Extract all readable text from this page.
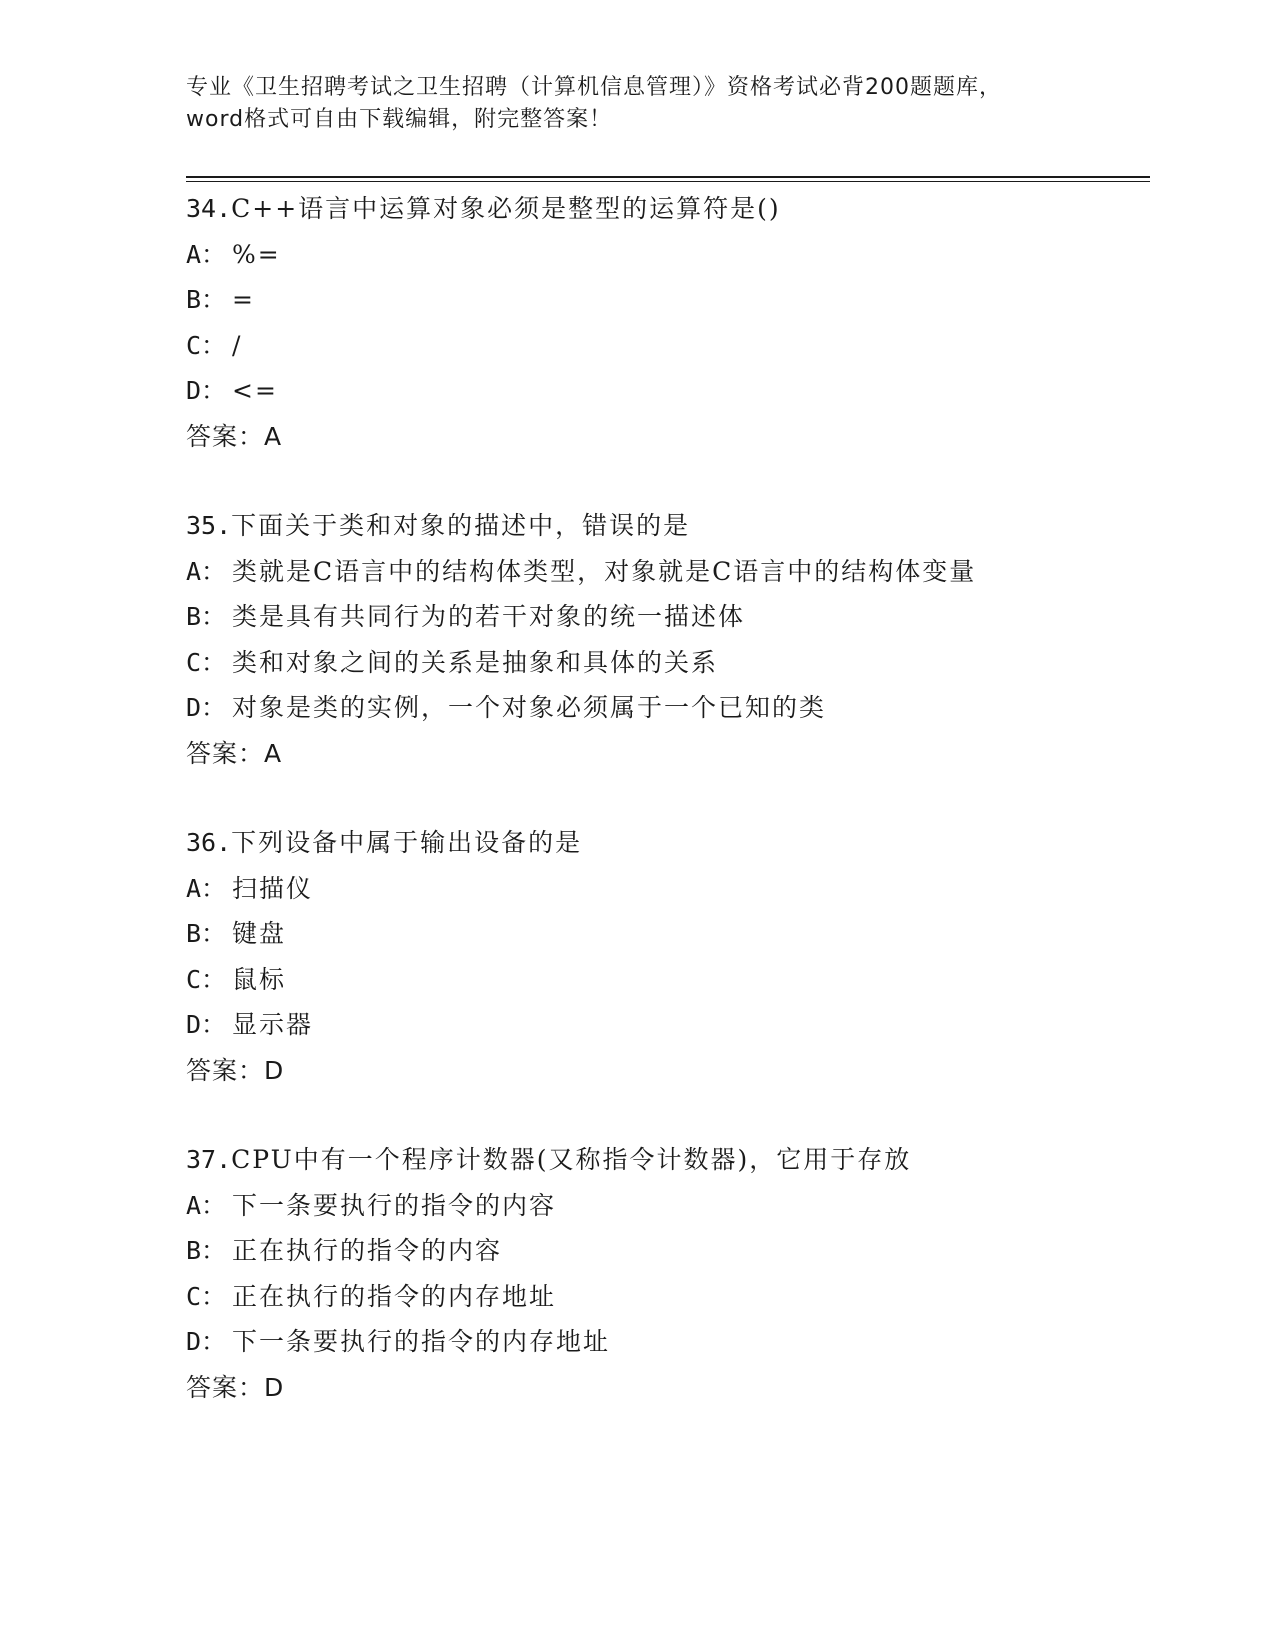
专业《卫生招聘考试之卫生招聘（计算机信息管理）》资格考试必背200题题库，
word格式可自由下载编辑，附完整答案！
34.C++语言中运算对象必须是整型的运算符是()
A： %=
B： =
C： /
D： <=
答案：A
35.下面关于类和对象的描述中，错误的是
A： 类就是C语言中的结构体类型，对象就是C语言中的结构体变量
B： 类是具有共同行为的若干对象的统一描述体
C： 类和对象之间的关系是抽象和具体的关系
D： 对象是类的实例，一个对象必须属于一个已知的类
答案：A
36.下列设备中属于输出设备的是
A： 扫描仪
B： 键盘
C： 鼠标
D： 显示器
答案：D
37.CPU中有一个程序计数器(又称指令计数器)，它用于存放
A： 下一条要执行的指令的内容
B： 正在执行的指令的内容
C： 正在执行的指令的内存地址
D： 下一条要执行的指令的内存地址
答案：D
